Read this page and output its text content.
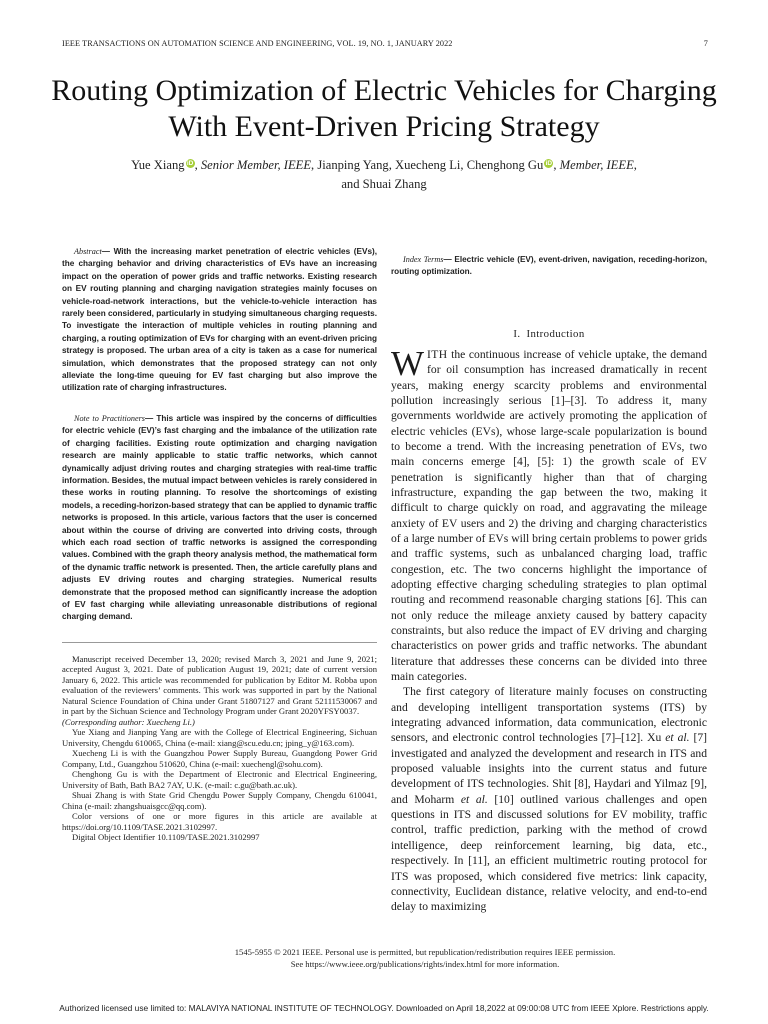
IEEE TRANSACTIONS ON AUTOMATION SCIENCE AND ENGINEERING, VOL. 19, NO. 1, JANUARY 2022	7
Routing Optimization of Electric Vehicles for Charging With Event-Driven Pricing Strategy
Yue Xiang iD, Senior Member, IEEE, Jianping Yang, Xuecheng Li, Chenghong Gu iD, Member, IEEE,
and Shuai Zhang

Abstract— With the increasing market penetration of electric vehicles (EVs), the charging behavior and driving characteristics of EVs have an increasing impact on the operation of power grids and traffic networks. Existing research on EV routing planning and charging navigation strategies mainly focuses on vehicle-road-network interactions, but the vehicle-to-vehicle interaction has rarely been considered, particularly in studying simultaneous charging requests. To investigate the interaction of multiple vehicles in routing planning and charging, a routing optimization of EVs for charging with an event-driven pricing strategy is proposed. The urban area of a city is taken as a case for numerical simulation, which demonstrates that the proposed strategy can not only alleviate the long-time queuing for EV fast charging but also improve the utilization rate of charging infrastructures.

Note to Practitioners— This article was inspired by the concerns of difficulties for electric vehicle (EV)’s fast charging and the imbalance of the utilization rate of charging facilities. Existing route optimization and charging navigation research are mainly applicable to static traffic networks, which cannot dynamically adjust driving routes and charging strategies with real-time traffic information. Besides, the mutual impact between vehicles is rarely considered in these works in routing planning. To resolve the shortcomings of existing models, a receding-horizon-based strategy that can be applied to dynamic traffic networks is proposed. In this article, various factors that the user is concerned about within the course of driving are converted into driving costs, through which each road section of traffic networks is assigned the corresponding values. Combined with the graph theory analysis method, the mathematical form of the dynamic traffic network is presented. Then, the article carefully plans and adjusts EV driving routes and charging strategies. Numerical results demonstrate that the proposed method can significantly increase the adoption of EV fast charging while alleviating unreasonable distributions of regional charging demand.

Manuscript received December 13, 2020; revised March 3, 2021 and June 9, 2021; accepted August 3, 2021. Date of publication August 19, 2021; date of current version January 6, 2022. This article was recommended for publication by Editor M. Robba upon evaluation of the reviewers’ comments. This work was supported in part by the National Natural Science Foundation of China under Grant 51807127 and Grant 52111530067 and in part by the Sichuan Science and Technology Program under Grant 2020YFSY0037.

(Corresponding author: Xuecheng Li.)

Yue Xiang and Jianping Yang are with the College of Electrical Engineering, Sichuan University, Chengdu 610065, China (e-mail: xiang@scu.edu.cn; jping_y@163.com).

Xuecheng Li is with the Guangzhou Power Supply Bureau, Guangdong Power Grid Company, Ltd., Guangzhou 510620, China (e-mail: xuechengl@sohu.com).

Chenghong Gu is with the Department of Electronic and Electrical Engineering, University of Bath, Bath BA2 7AY, U.K. (e-mail: c.gu@bath.ac.uk).

Shuai Zhang is with State Grid Chengdu Power Supply Company, Chengdu 610041, China (e-mail: zhangshuaisgcc@qq.com).

Color versions of one or more figures in this article are available at https://doi.org/10.1109/TASE.2021.3102997.

Digital Object Identifier 10.1109/TASE.2021.3102997

Index Terms— Electric vehicle (EV), event-driven, navigation, receding-horizon, routing optimization.

I. Introduction

WITH the continuous increase of vehicle uptake, the demand for oil consumption has increased dramatically in recent years, making energy scarcity problems and environmental pollution increasingly serious [1]–[3]. To address it, many governments worldwide are actively promoting the application of electric vehicles (EVs), whose large-scale popularization is bound to become a trend. With the increasing penetration of EVs, two main concerns emerge [4], [5]: 1) the growth scale of EV penetration is significantly higher than that of charging infrastructure, expanding the gap between the two, making it difficult to charge quickly on road, and aggravating the mileage anxiety of EV users and 2) the driving and charging characteristics of a large number of EVs will bring certain problems to power grids and traffic systems, such as unbalanced charging load, traffic congestion, etc. The two concerns highlight the importance of adopting effective charging scheduling strategies to plan optimal routing and recommend reasonable charging stations [6]. This can not only reduce the mileage anxiety caused by battery capacity constraints, but also reduce the impact of EV driving and charging characteristics on power grids and traffic networks. The abundant literature that addresses these concerns can be divided into three main categories.

The first category of literature mainly focuses on constructing and developing intelligent transportation systems (ITS) by integrating advanced information, data communication, electronic sensors, and electronic control technologies [7]–[12]. Xu et al. [7] investigated and analyzed the development and research in ITS and proposed valuable insights into the current status and future development of ITS technologies. Shit [8], Haydari and Yilmaz [9], and Moharm et al. [10] outlined various challenges and open questions in ITS and discussed solutions for EV mobility, traffic control, traffic prediction, parking with the method of crowd intelligence, deep reinforcement learning, big data, etc., respectively. In [11], an efficient multimetric routing protocol for ITS was proposed, which considered five metrics: link capacity, connectivity, Euclidean distance, relative velocity, and end-to-end delay to maximizing

1545-5955 © 2021 IEEE. Personal use is permitted, but republication/redistribution requires IEEE permission.
See https://www.ieee.org/publications/rights/index.html for more information.
Authorized licensed use limited to: MALAVIYA NATIONAL INSTITUTE OF TECHNOLOGY. Downloaded on April 18,2022 at 09:00:08 UTC from IEEE Xplore. Restrictions apply.
